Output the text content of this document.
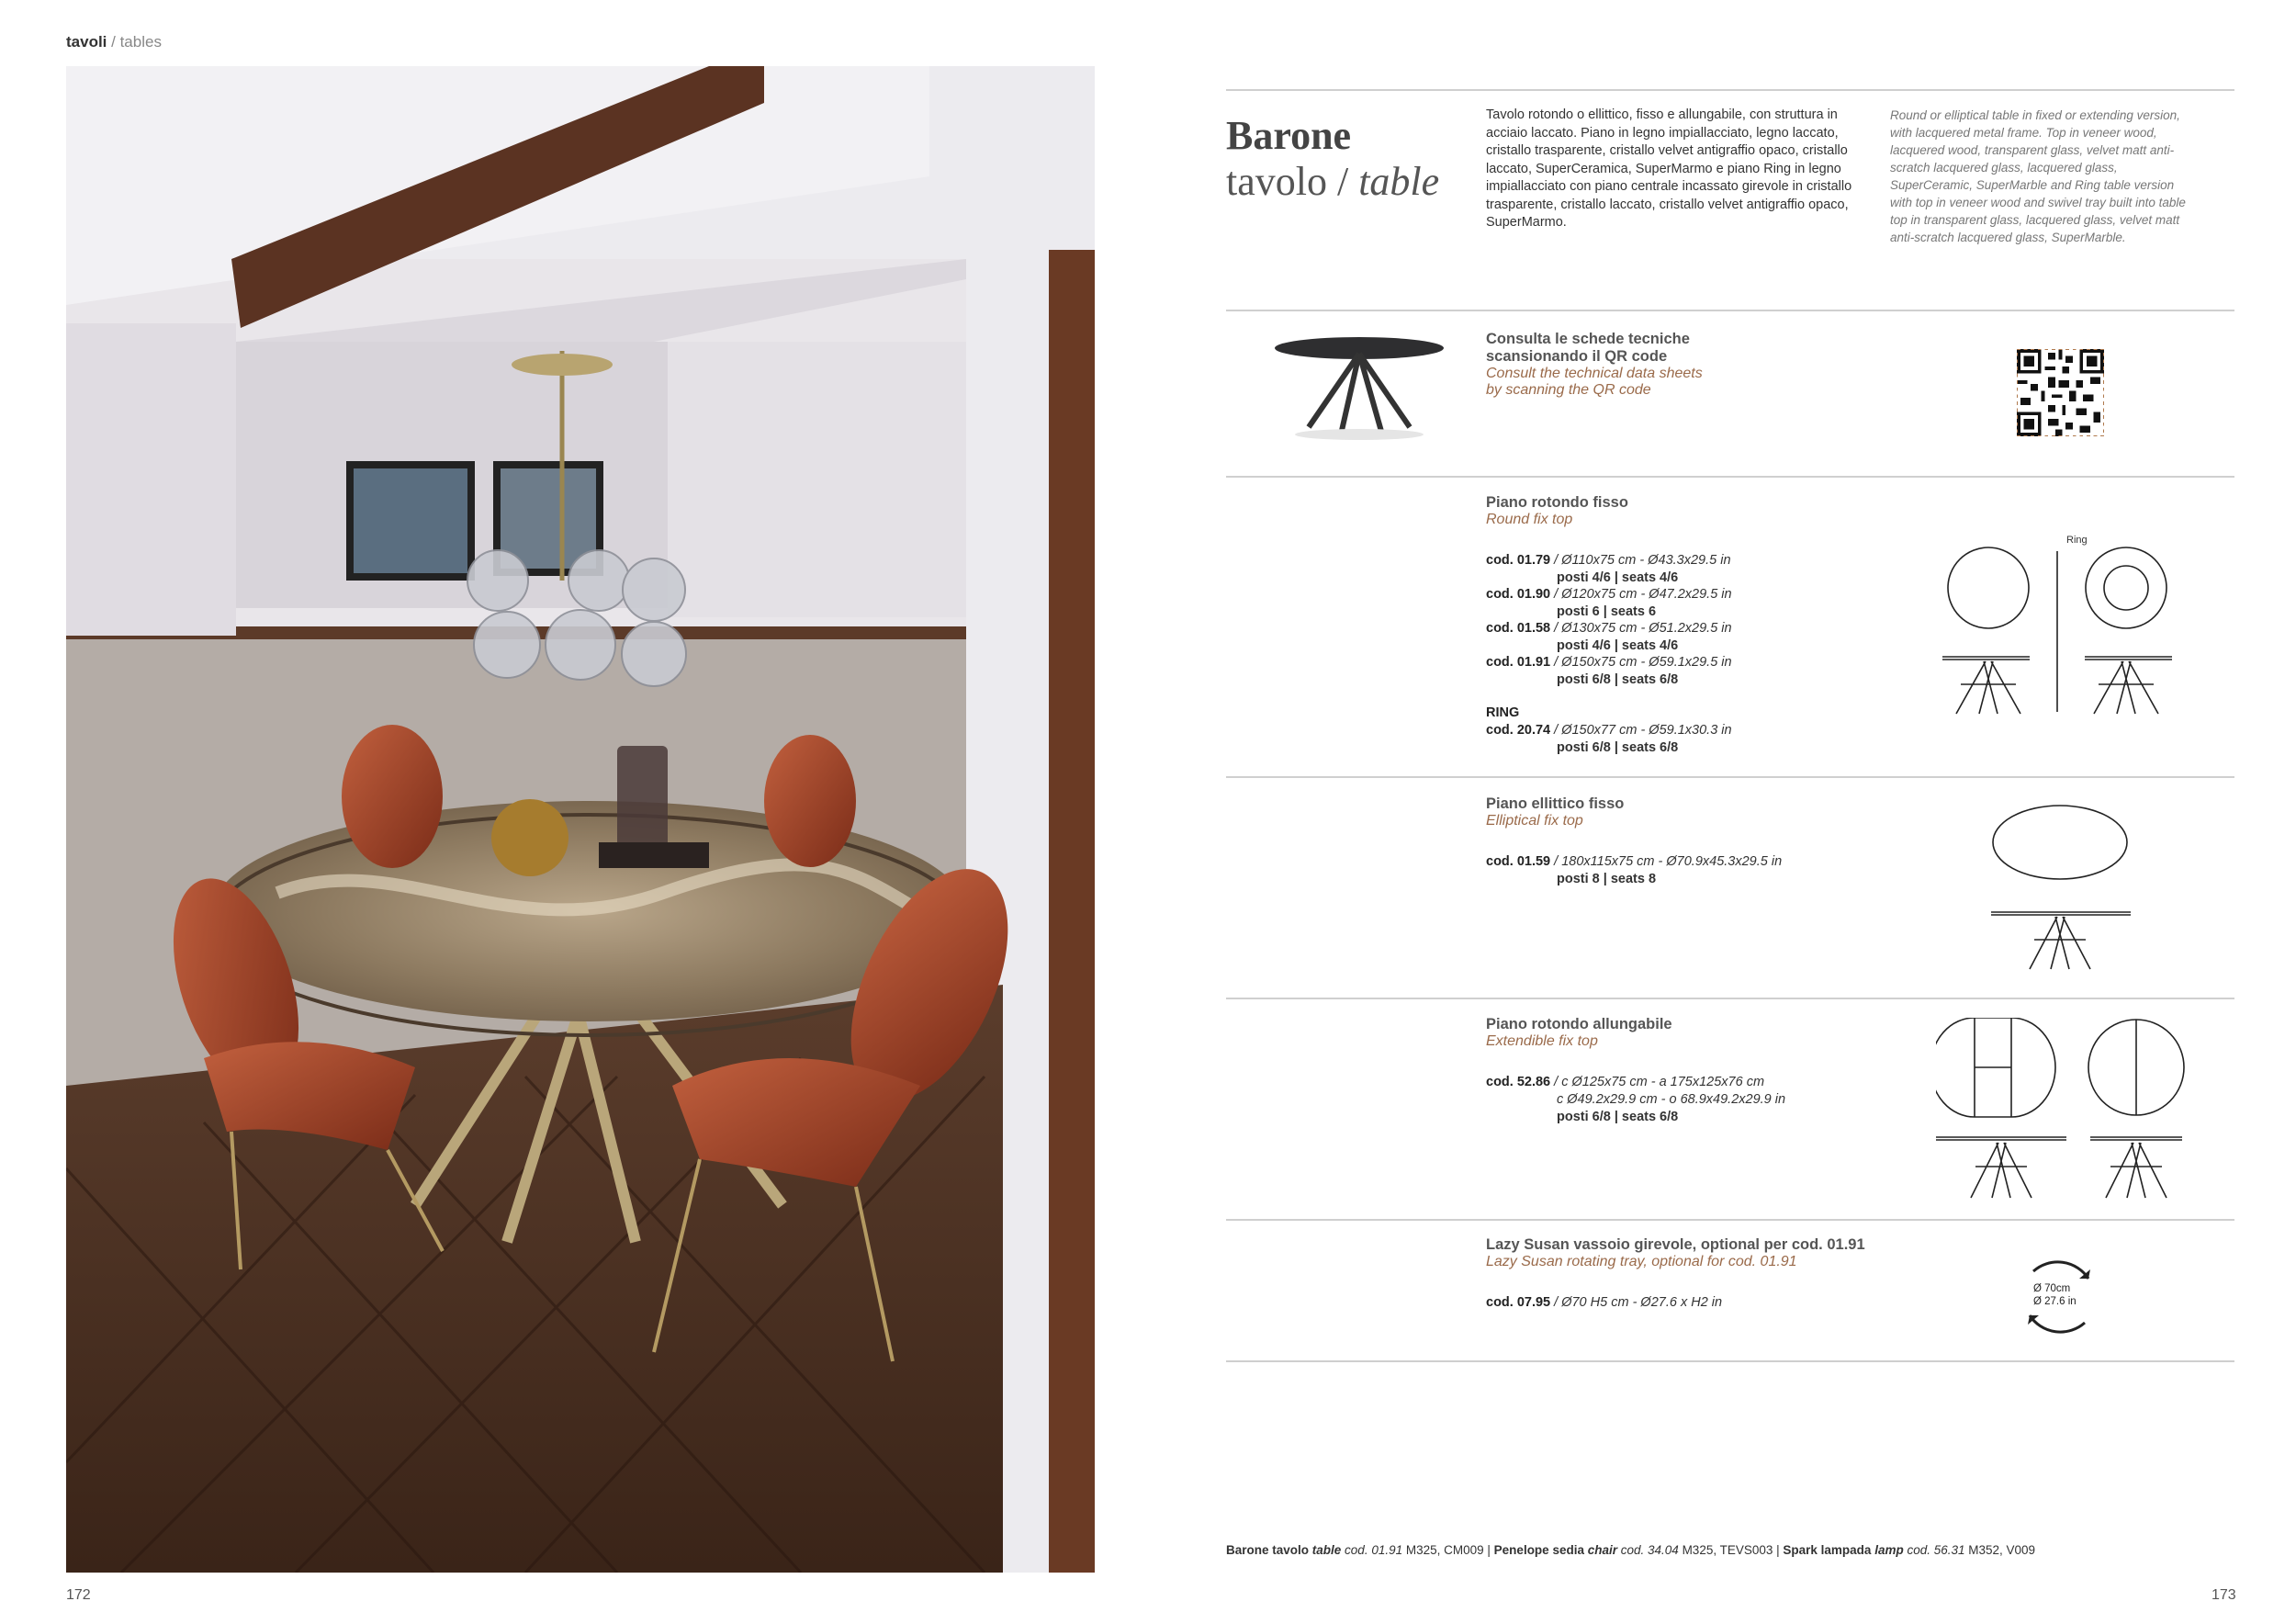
tavoli / tables
172	173
Barone
tavolo / table
Tavolo rotondo o ellittico, fisso e allungabile, con struttura in acciaio laccato. Piano in legno impiallacciato, legno laccato, cristallo trasparente, cristallo velvet antigraffio opaco, cristallo laccato, SuperCeramica, SuperMarmo e piano Ring in legno impiallacciato con piano centrale incassato girevole in cristallo trasparente, cristallo laccato, cristallo velvet antigraffio opaco, SuperMarmo.
Round or elliptical table in fixed or extending version, with lacquered metal frame. Top in veneer wood, lacquered wood, transparent glass, velvet matt anti-scratch lacquered glass, lacquered glass, SuperCeramic, SuperMarble and Ring table version with top in veneer wood and swivel tray built into table top in transparent glass, lacquered glass, velvet matt anti-scratch lacquered glass, SuperMarble.
Consulta le schede tecniche
scansionando il QR code
Consult the technical data sheets
by scanning the QR code
Piano rotondo fisso
Round fix top
cod. 01.79 / Ø110x75 cm - Ø43.3x29.5 in
posti 4/6 | seats 4/6
cod. 01.90 / Ø120x75 cm - Ø47.2x29.5 in
posti 6 | seats 6
cod. 01.58 / Ø130x75 cm - Ø51.2x29.5 in
posti 4/6 | seats 4/6
cod. 01.91 / Ø150x75 cm - Ø59.1x29.5 in
posti 6/8 | seats 6/8
RING
cod. 20.74 / Ø150x77 cm - Ø59.1x30.3 in
posti 6/8 | seats 6/8
Ring
Piano ellittico fisso
Elliptical fix top
cod. 01.59 / 180x115x75 cm - Ø70.9x45.3x29.5 in
posti 8 | seats 8
Piano rotondo allungabile
Extendible fix top
cod. 52.86 / c Ø125x75 cm - a 175x125x76 cm
c Ø49.2x29.9 cm - o 68.9x49.2x29.9 in
posti 6/8 | seats 6/8
Lazy Susan vassoio girevole, optional per cod. 01.91
Lazy Susan rotating tray, optional for cod. 01.91
cod. 07.95 / Ø70 H5 cm - Ø27.6 x H2 in
Ø 70cm
Ø 27.6 in
Barone tavolo table cod. 01.91 M325, CM009 | Penelope sedia chair cod. 34.04 M325, TEVS003 | Spark lampada lamp cod. 56.31 M352, V009
